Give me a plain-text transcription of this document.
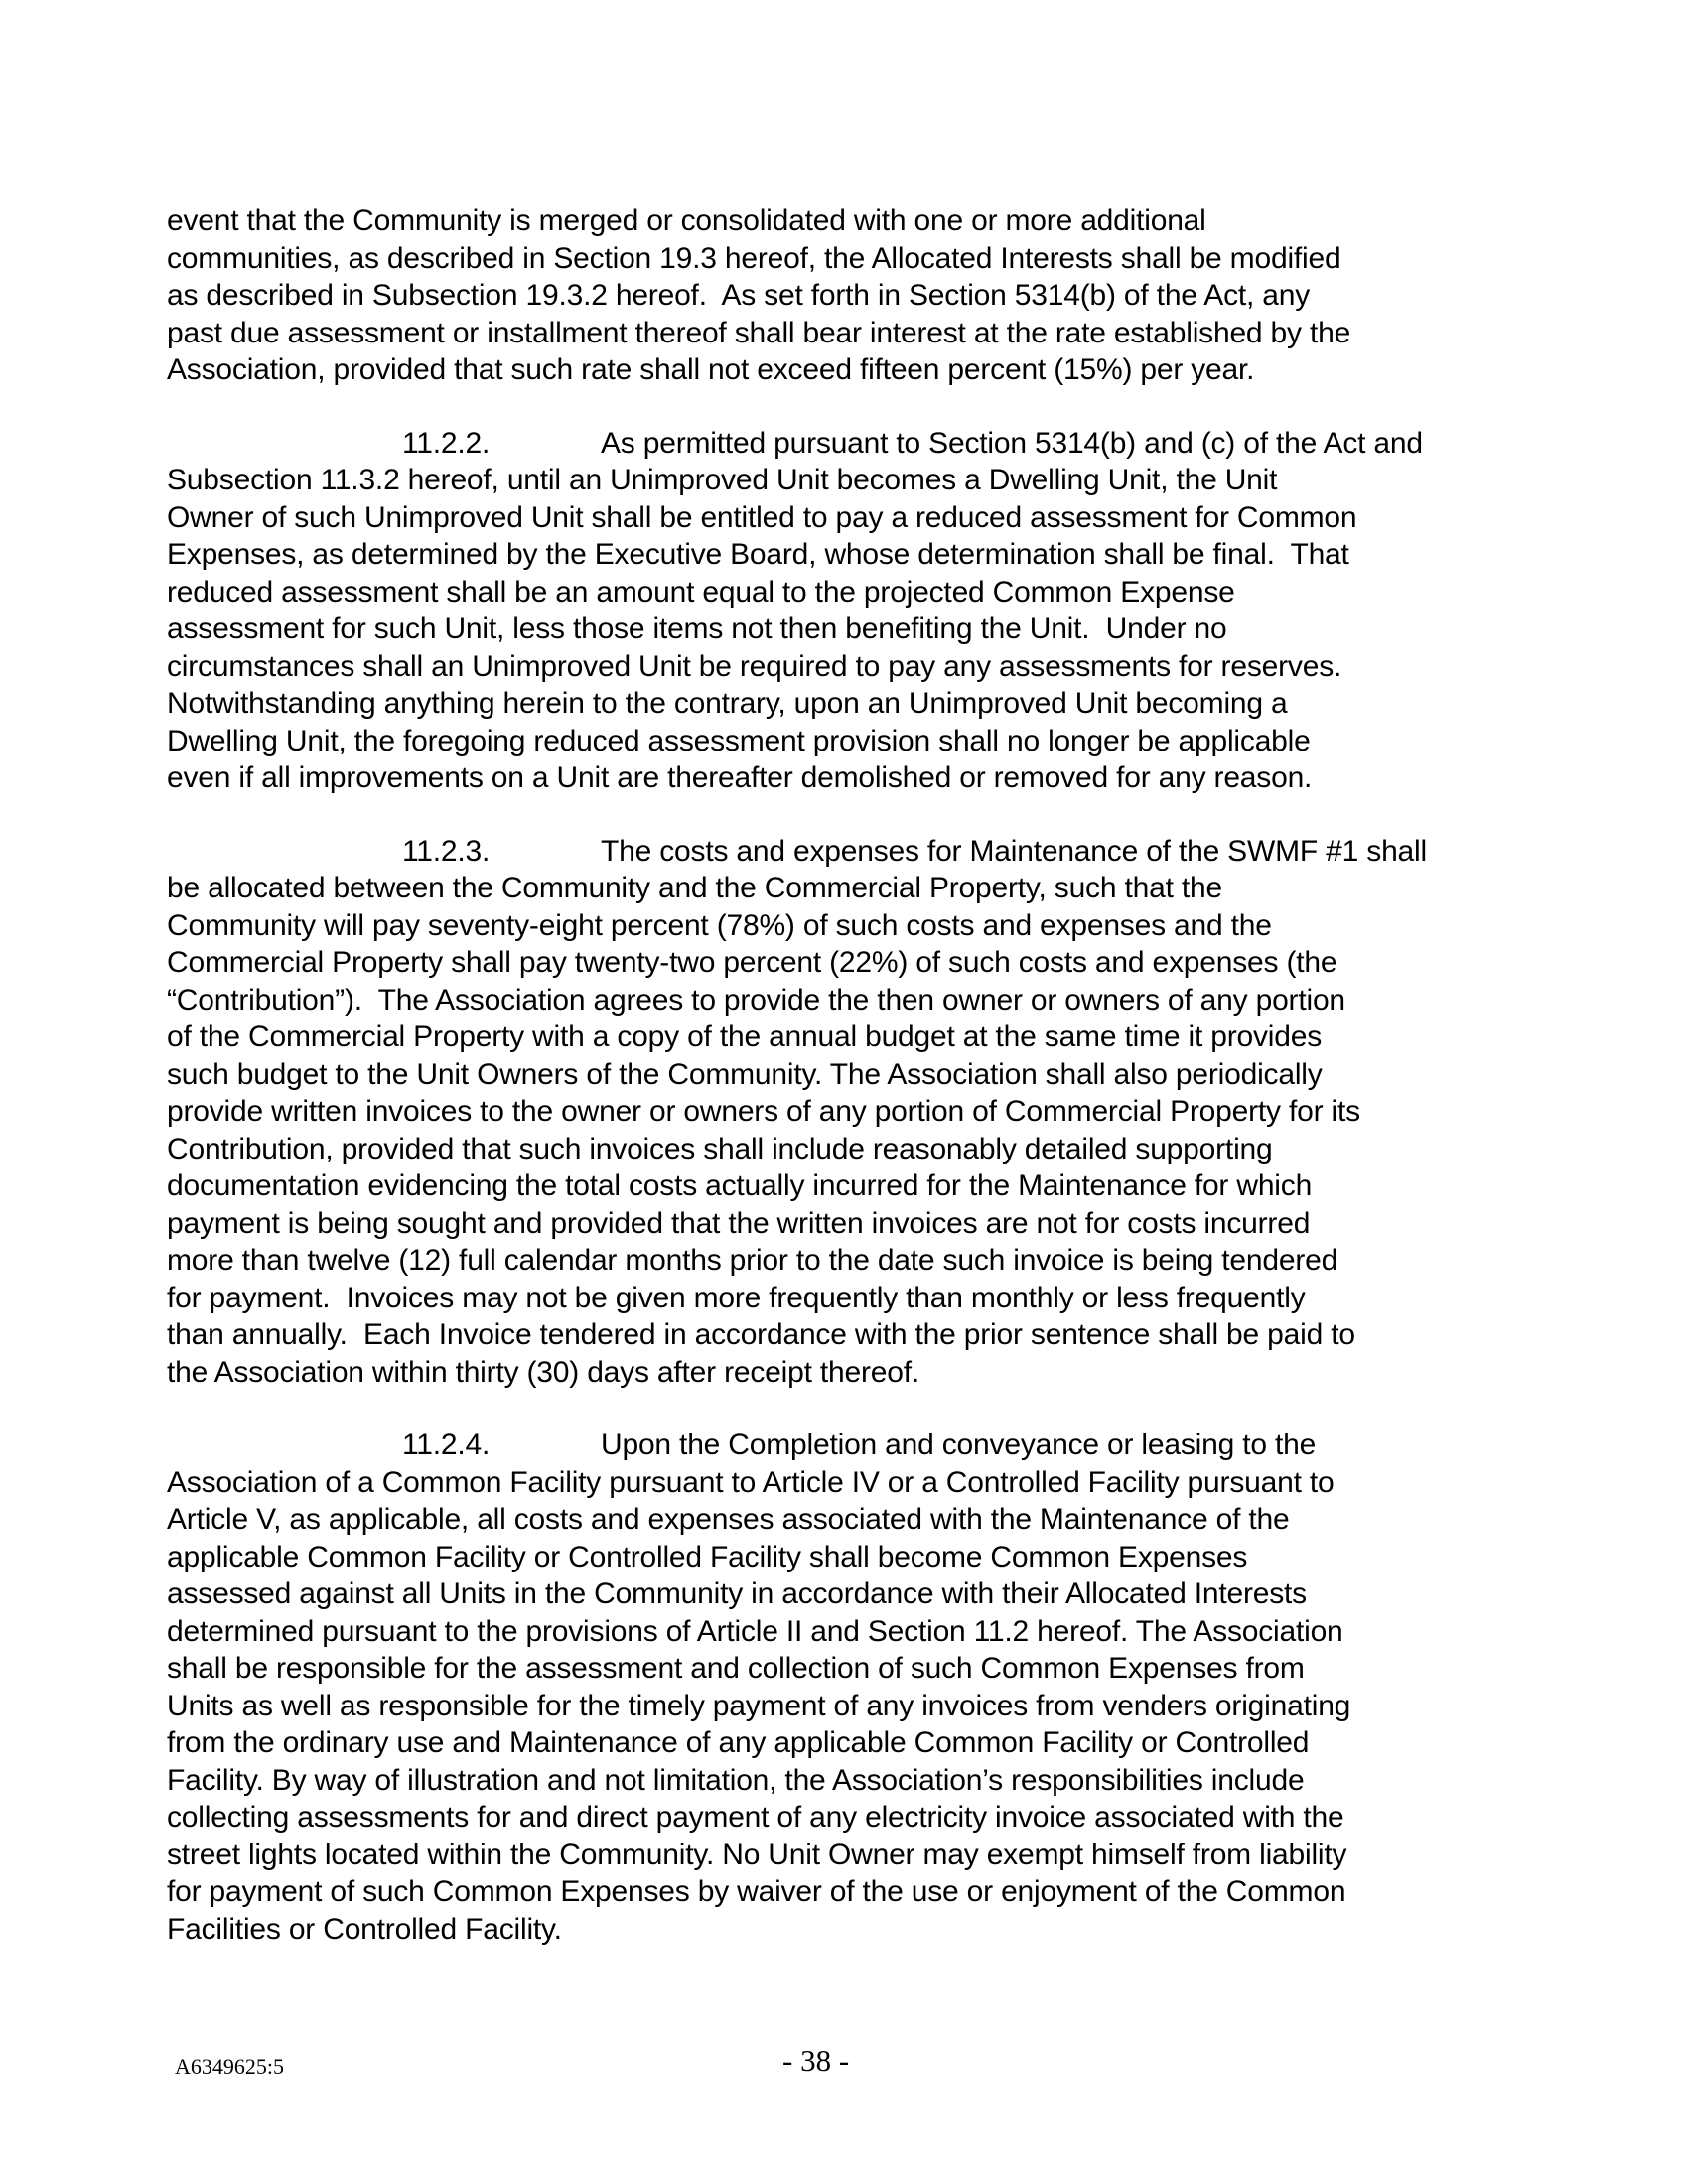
event that the Community is merged or consolidated with one or more additional
communities, as described in Section 19.3 hereof, the Allocated Interests shall be modified
as described in Subsection 19.3.2 hereof.  As set forth in Section 5314(b) of the Act, any
past due assessment or installment thereof shall bear interest at the rate established by the
Association, provided that such rate shall not exceed fifteen percent (15%) per year.

11.2.2.	As permitted pursuant to Section 5314(b) and (c) of the Act and
Subsection 11.3.2 hereof, until an Unimproved Unit becomes a Dwelling Unit, the Unit
Owner of such Unimproved Unit shall be entitled to pay a reduced assessment for Common
Expenses, as determined by the Executive Board, whose determination shall be final.  That
reduced assessment shall be an amount equal to the projected Common Expense
assessment for such Unit, less those items not then benefiting the Unit.  Under no
circumstances shall an Unimproved Unit be required to pay any assessments for reserves.
Notwithstanding anything herein to the contrary, upon an Unimproved Unit becoming a
Dwelling Unit, the foregoing reduced assessment provision shall no longer be applicable
even if all improvements on a Unit are thereafter demolished or removed for any reason.

11.2.3.	The costs and expenses for Maintenance of the SWMF #1 shall
be allocated between the Community and the Commercial Property, such that the
Community will pay seventy-eight percent (78%) of such costs and expenses and the
Commercial Property shall pay twenty-two percent (22%) of such costs and expenses (the
“Contribution”).  The Association agrees to provide the then owner or owners of any portion
of the Commercial Property with a copy of the annual budget at the same time it provides
such budget to the Unit Owners of the Community. The Association shall also periodically
provide written invoices to the owner or owners of any portion of Commercial Property for its
Contribution, provided that such invoices shall include reasonably detailed supporting
documentation evidencing the total costs actually incurred for the Maintenance for which
payment is being sought and provided that the written invoices are not for costs incurred
more than twelve (12) full calendar months prior to the date such invoice is being tendered
for payment.  Invoices may not be given more frequently than monthly or less frequently
than annually.  Each Invoice tendered in accordance with the prior sentence shall be paid to
the Association within thirty (30) days after receipt thereof.

11.2.4.	Upon the Completion and conveyance or leasing to the
Association of a Common Facility pursuant to Article IV or a Controlled Facility pursuant to
Article V, as applicable, all costs and expenses associated with the Maintenance of the
applicable Common Facility or Controlled Facility shall become Common Expenses
assessed against all Units in the Community in accordance with their Allocated Interests
determined pursuant to the provisions of Article II and Section 11.2 hereof. The Association
shall be responsible for the assessment and collection of such Common Expenses from
Units as well as responsible for the timely payment of any invoices from venders originating
from the ordinary use and Maintenance of any applicable Common Facility or Controlled
Facility. By way of illustration and not limitation, the Association’s responsibilities include
collecting assessments for and direct payment of any electricity invoice associated with the
street lights located within the Community. No Unit Owner may exempt himself from liability
for payment of such Common Expenses by waiver of the use or enjoyment of the Common
Facilities or Controlled Facility.

A6349625:5	- 38 -
